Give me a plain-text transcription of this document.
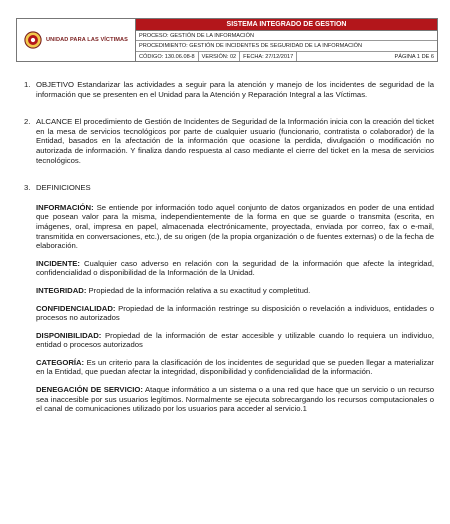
UNIDAD PARA LAS VÍCTIMAS
SISTEMA INTEGRADO DE GESTION
PROCESO: GESTIÓN DE LA INFORMACIÓN
PROCEDIMIENTO: GESTIÓN DE INCIDENTES DE SEGURIDAD DE LA INFORMACIÓN
CÓDIGO: 130.06.08-8	VERSIÓN: 02	FECHA: 27/12/2017	PÁGINA 1 DE 6
1. OBJETIVO Estandarizar las actividades a seguir para la atención y manejo de los incidentes de seguridad de la información que se presenten en el Unidad para la Atención y Reparación Integral a las Víctimas.
2. ALCANCE El procedimiento de Gestión de Incidentes de Seguridad de la Información inicia con la creación del ticket en la mesa de servicios tecnológicos por parte de cualquier usuario (funcionario, contratista o colaborador) de la Entidad, basados en la afectación de la información que ocasione la perdida, divulgación o modificación no autorizada de información. Y finaliza dando respuesta al caso mediante el cierre del ticket en la mesa de servicios tecnológicos.
3. DEFINICIONES

INFORMACIÓN: Se entiende por información todo aquel conjunto de datos organizados en poder de una entidad que posean valor para la misma, independientemente de la forma en que se guarde o transmita (escrita, en imágenes, oral, impresa en papel, almacenada electrónicamente, proyectada, enviada por correo, fax o e-mail, transmitida en conversaciones, etc.), de su origen (de la propia organización o de fuentes externas) o de la fecha de elaboración.

INCIDENTE: Cualquier caso adverso en relación con la seguridad de la información que afecte la integridad, confidencialidad o disponibilidad de la Información de la Unidad.

INTEGRIDAD: Propiedad de la información relativa a su exactitud y completitud.

CONFIDENCIALIDAD: Propiedad de la información restringe su disposición o revelación a individuos, entidades o procesos no autorizados

DISPONIBILIDAD: Propiedad de la información de estar accesible y utilizable cuando lo requiera un individuo, entidad o procesos autorizados

CATEGORÍA: Es un criterio para la clasificación de los incidentes de seguridad que se pueden llegar a materializar en la Entidad, que puedan afectar la integridad, disponibilidad y confidencialidad de la información.

DENEGACIÓN DE SERVICIO: Ataque informático a un sistema o a una red que hace que un servicio o un recurso sea inaccesible por sus usuarios legítimos. Normalmente se ejecuta sobrecargando los recursos computacionales o el canal de comunicaciones utilizado por los usuarios para acceder al servicio.1
